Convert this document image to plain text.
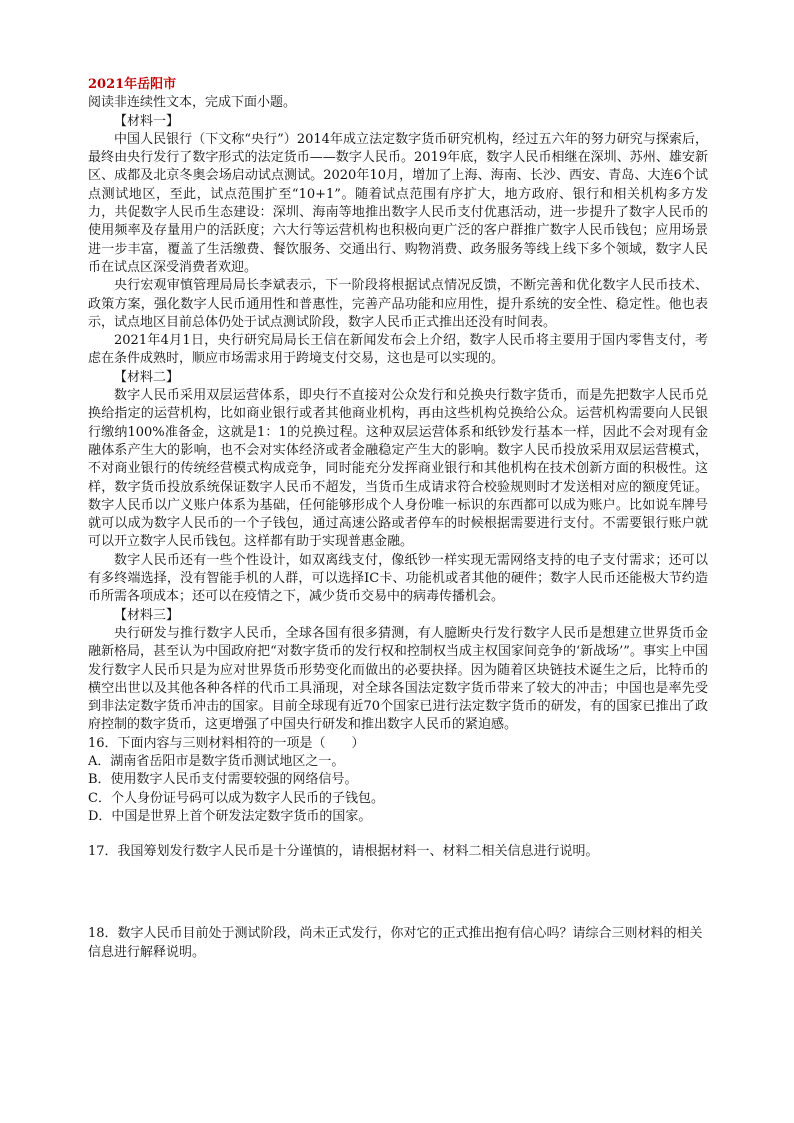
2021年岳阳市

阅读非连续性文本，完成下面小题。

【材料一】

中国人民银行（下文称“央行”）2014年成立法定数字货币研究机构，经过五六年的努力研究与探索后，最终由央行发行了数字形式的法定货币——数字人民币。2019年底，数字人民币相继在深圳、苏州、雄安新区、成都及北京冬奥会场启动试点测试。2020年10月，增加了上海、海南、长沙、西安、青岛、大连6个试点测试地区，至此，试点范围扩至“10+1”。随着试点范围有序扩大，地方政府、银行和相关机构多方发力，共促数字人民币生态建设：深圳、海南等地推出数字人民币支付优惠活动，进一步提升了数字人民币的使用频率及存量用户的活跃度；六大行等运营机构也积极向更广泛的客户群推广数字人民币钱包；应用场景进一步丰富，覆盖了生活缴费、餐饮服务、交通出行、购物消费、政务服务等线上线下多个领域，数字人民币在试点区深受消费者欢迎。

央行宏观审慎管理局局长李斌表示，下一阶段将根据试点情况反馈，不断完善和优化数字人民币技术、政策方案，强化数字人民币通用性和普惠性，完善产品功能和应用性，提升系统的安全性、稳定性。他也表示，试点地区目前总体仍处于试点测试阶段，数字人民币正式推出还没有时间表。

2021年4月1日，央行研究局局长王信在新闻发布会上介绍，数字人民币将主要用于国内零售支付，考虑在条件成熟时，顺应市场需求用于跨境支付交易，这也是可以实现的。

【材料二】

数字人民币采用双层运营体系，即央行不直接对公众发行和兑换央行数字货币，而是先把数字人民币兑换给指定的运营机构，比如商业银行或者其他商业机构，再由这些机构兑换给公众。运营机构需要向人民银行缴纳100%准备金，这就是1：1的兑换过程。这种双层运营体系和纸钞发行基本一样，因此不会对现有金融体系产生大的影响，也不会对实体经济或者金融稳定产生大的影响。数字人民币投放采用双层运营模式，不对商业银行的传统经营模式构成竞争，同时能充分发挥商业银行和其他机构在技术创新方面的积极性。这样，数字货币投放系统保证数字人民币不超发，当货币生成请求符合校验规则时才发送相对应的额度凭证。数字人民币以广义账户体系为基础，任何能够形成个人身份唯一标识的东西都可以成为账户。比如说车牌号就可以成为数字人民币的一个子钱包，通过高速公路或者停车的时候根据需要进行支付。不需要银行账户就可以开立数字人民币钱包。这样都有助于实现普惠金融。

数字人民币还有一些个性设计，如双离线支付，像纸钞一样实现无需网络支持的电子支付需求；还可以有多终端选择，没有智能手机的人群，可以选择IC卡、功能机或者其他的硬件；数字人民币还能极大节约造币所需各项成本；还可以在疫情之下，减少货币交易中的病毒传播机会。

【材料三】

央行研发与推行数字人民币，全球各国有很多猜测，有人臆断央行发行数字人民币是想建立世界货币金融新格局，甚至认为中国政府把“对数字货币的发行权和控制权当成主权国家间竞争的‘新战场’”。事实上中国发行数字人民币只是为应对世界货币形势变化而做出的必要抉择。因为随着区块链技术诞生之后，比特币的横空出世以及其他各种各样的代币工具涌现，对全球各国法定数字货币带来了较大的冲击；中国也是率先受到非法定数字货币冲击的国家。目前全球现有近70个国家已进行法定数字货币的研发，有的国家已推出了政府控制的数字货币，这更增强了中国央行研发和推出数字人民币的紧迫感。

16．下面内容与三则材料相符的一项是（　　）

A．湖南省岳阳市是数字货币测试地区之一。

B．使用数字人民币支付需要较强的网络信号。

C．个人身份证号码可以成为数字人民币的子钱包。

D．中国是世界上首个研发法定数字货币的国家。

17．我国筹划发行数字人民币是十分谨慎的，请根据材料一、材料二相关信息进行说明。

18．数字人民币目前处于测试阶段，尚未正式发行，你对它的正式推出抱有信心吗？请综合三则材料的相关信息进行解释说明。
